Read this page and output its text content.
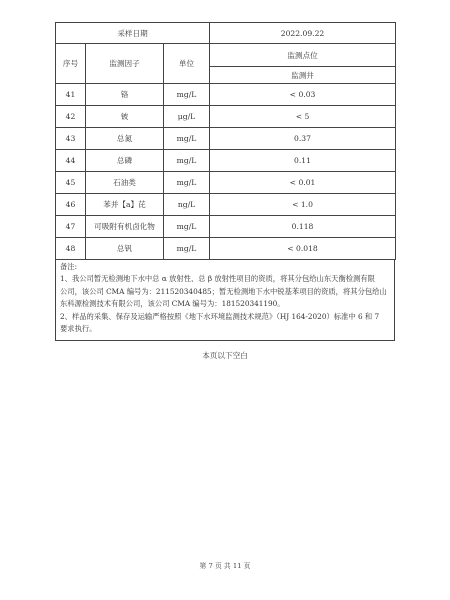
采样日期			2022.09.22
序号	监测因子	单位	监测点位
			监测井
41	铬	mg/L	< 0.03
42	铍	μg/L	< 5
43	总氮	mg/L	0.37
44	总磷	mg/L	0.11
45	石油类	mg/L	< 0.01
46	苯并【a】芘	ng/L	< 1.0
47	可吸附有机卤化物	mg/L	0.118
48	总钒	mg/L	< 0.018
备注:
1、我公司暂无检测地下水中总 α 放射性、总 β 放射性项目的资质，将其分包给山东天衡检测有限
公司，该公司 CMA 编号为：211520340485；暂无检测地下水中锐基苯项目的资质，将其分包给山
东科源检测技术有限公司，该公司 CMA 编号为：181520341190。
2、样品的采集、保存及运输严格按照《地下水环境监测技术规范》（HJ 164-2020）标准中 6 和 7
要求执行。
本页以下空白
第 7 页 共 11 页
